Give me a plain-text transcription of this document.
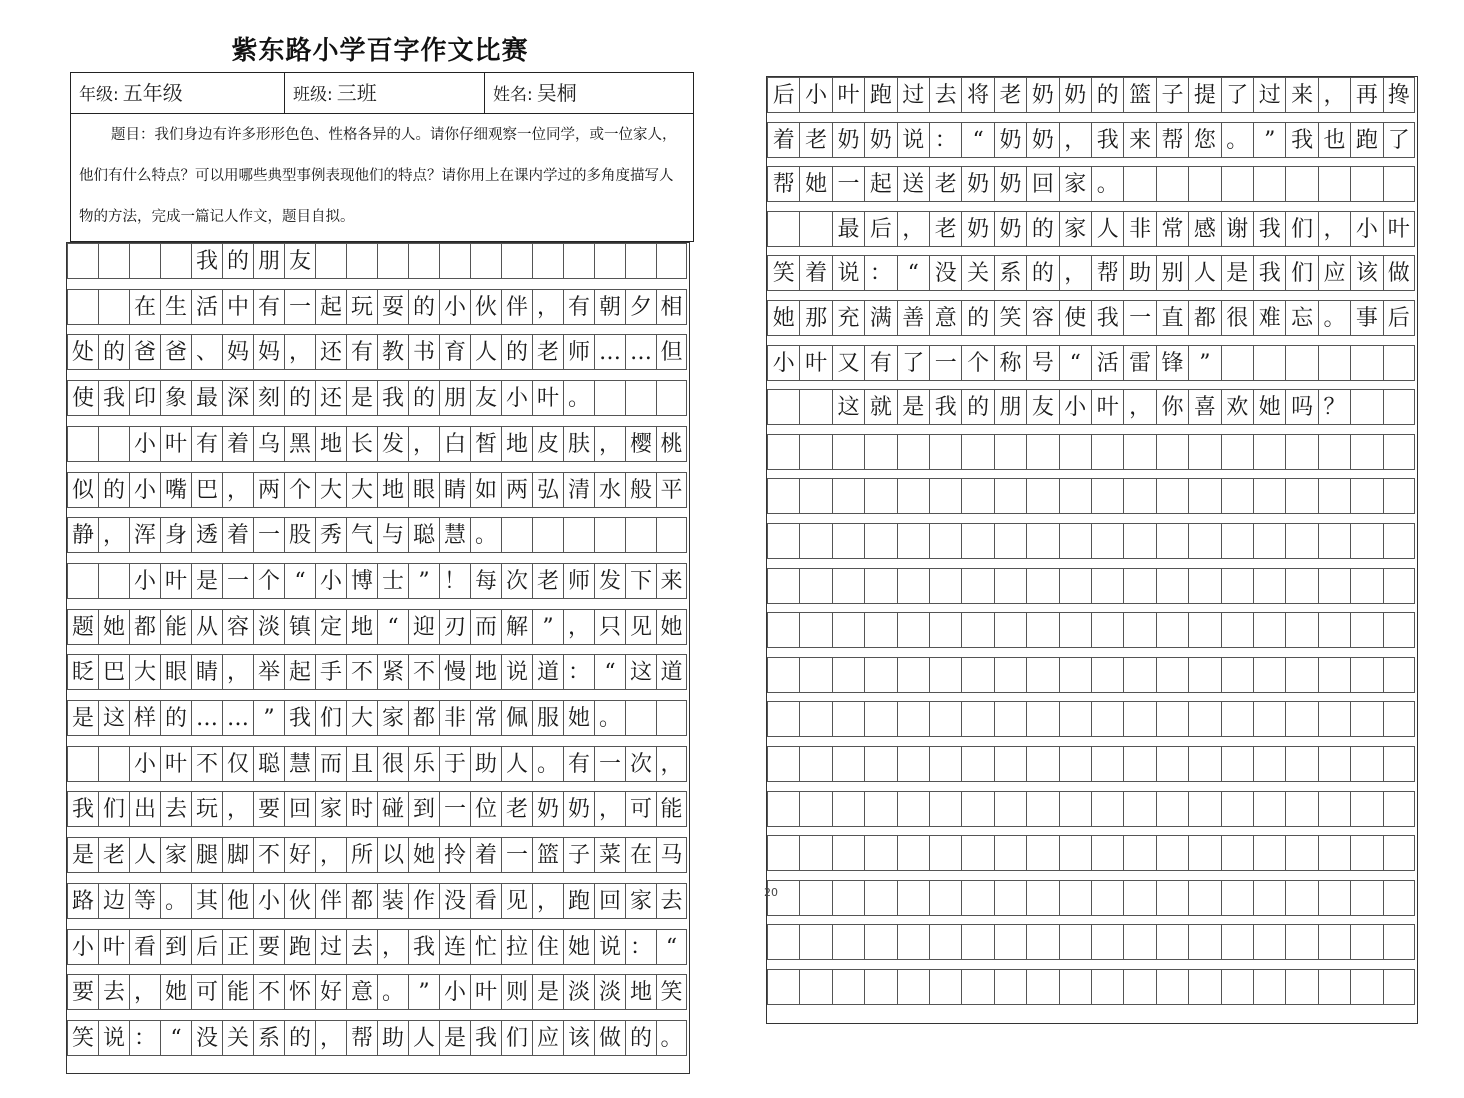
紫东路小学百字作文比赛
年级: 五年级	班级: 三班	姓名: 吴桐
题目：我们身边有许多形形色色、性格各异的人。请你仔细观察一位同学，或一位家人，他们有什么特点？可以用哪些典型事例表现他们的特点？请你用上在课内学过的多角度描写人物的方法，完成一篇记人作文，题目自拟。
我 的 朋 友
在 生 活 中 有 一 起 玩 耍 的 小 伙 伴 ， 有 朝 夕 相
处 的 爸 爸 、 妈 妈 ， 还 有 教 书 育 人 的 老 师 … … 但
使 我 印 象 最 深 刻 的 还 是 我 的 朋 友 小 叶 。
小 叶 有 着 乌 黑 地 长 发 ， 白 皙 地 皮 肤 ， 樱 桃
似 的 小 嘴 巴 ， 两 个 大 大 地 眼 睛 如 两 弘 清 水 般 平
静 ， 浑 身 透 着 一 股 秀 气 与 聪 慧 。
小 叶 是 一 个 “ 小 博 士 ” ！ 每 次 老 师 发 下 来
题 她 都 能 从 容 淡 镇 定 地 “ 迎 刃 而 解 ” ， 只 见 她
眨 巴 大 眼 睛 ， 举 起 手 不 紧 不 慢 地 说 道 ： “ 这 道
是 这 样 的 … … ” 我 们 大 家 都 非 常 佩 服 她 。
小 叶 不 仅 聪 慧 而 且 很 乐 于 助 人 。 有 一 次 ，
我 们 出 去 玩 ， 要 回 家 时 碰 到 一 位 老 奶 奶 ， 可 能
是 老 人 家 腿 脚 不 好 ， 所 以 她 拎 着 一 篮 子 菜 在 马
路 边 等 。 其 他 小 伙 伴 都 装 作 没 看 见 ， 跑 回 家 去
小 叶 看 到 后 正 要 跑 过 去 ， 我 连 忙 拉 住 她 说 ： “
要 去 ， 她 可 能 不 怀 好 意 。 ” 小 叶 则 是 淡 淡 地 笑
笑 说 ： “ 没 关 系 的 ， 帮 助 人 是 我 们 应 该 做 的 。
后 小 叶 跑 过 去 将 老 奶 奶 的 篮 子 提 了 过 来 ， 再 搀
着 老 奶 奶 说 ： “ 奶 奶 ， 我 来 帮 您 。 ” 我 也 跑 了
帮 她 一 起 送 老 奶 奶 回 家 。
最 后 ， 老 奶 奶 的 家 人 非 常 感 谢 我 们 ， 小 叶
笑 着 说 ： “ 没 关 系 的 ， 帮 助 别 人 是 我 们 应 该 做
她 那 充 满 善 意 的 笑 容 使 我 一 直 都 很 难 忘 。 事 后
小 叶 又 有 了 一 个 称 号 “ 活 雷 锋 ”
这 就 是 我 的 朋 友 小 叶 ， 你 喜 欢 她 吗 ？
20
